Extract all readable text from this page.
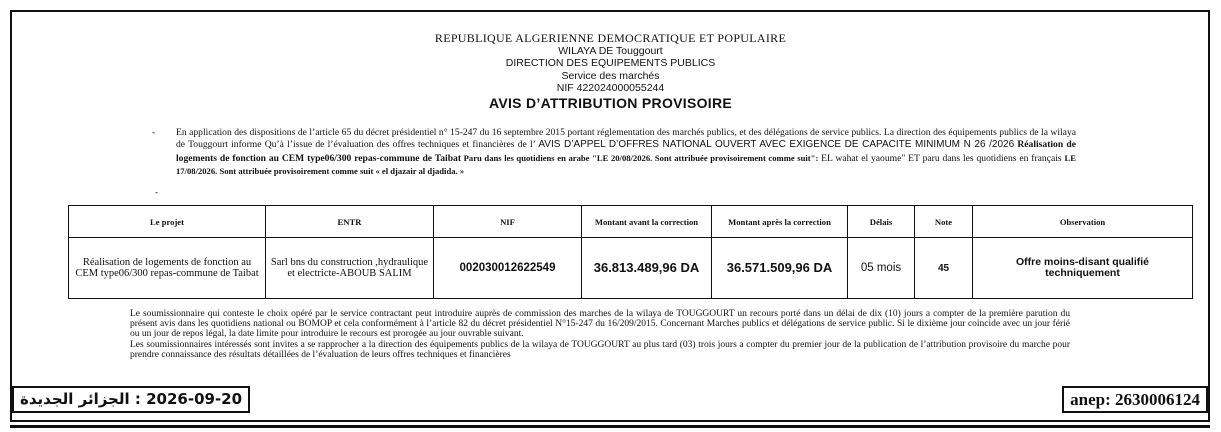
REPUBLIQUE ALGERIENNE DEMOCRATIQUE ET POPULAIRE
WILAYA DE Touggourt
DIRECTION DES EQUIPEMENTS PUBLICS
Service des marchés
NIF 422024000055244
AVIS D’ATTRIBUTION PROVISOIRE
- En application des dispositions de l’article 65 du décret présidentiel n° 15-247 du 16 septembre 2015 portant réglementation des marchés publics, et des délégations de service publics. La direction des équipements publics de la wilaya de Touggourt informe Qu’à l’issue de l’évaluation des offres techniques et financières de l’ AVIS D’APPEL D’OFFRES NATIONAL OUVERT AVEC EXIGENCE DE CAPACITE MINIMUM N 26 /2026 Réalisation de logements de fonction au CEM type06/300 repas-commune de Taibat Paru dans les quotidiens en arabe "LE 20/08/2026. Sont attribuée provisoirement comme suit": EL wahat el yaoume" ET paru dans les quotidiens en français LE 17/08/2026. Sont attribuée provisoirement comme suit « el djazair al djadida. »
-
Le projet	ENTR	NIF	Montant avant la correction	Montant après la correction	Délais	Note	Observation
Réalisation de logements de fonction au CEM type06/300 repas-commune de Taibat	Sarl bns du construction ,hydraulique et electricte-ABOUB SALIM	002030012622549	36.813.489,96 DA	36.571.509,96 DA	05 mois	45	Offre moins-disant qualifié techniquement
Le soumissionnaire qui conteste le choix opéré par le service contractant peut introduire auprès de commission des marches de la wilaya de TOUGGOURT un recours porté dans un délai de dix (10) jours a compter de la première parution du présent avis dans les quotidiens national ou BOMOP et cela conformément à l’article 82 du décret présidentiel N°15-247 du 16/209/2015. Concernant Marches publics et délégations de service public. Si le dixième jour coincide avec un jour férié ou un jour de repos légal, la date limite pour introduire le recours est prorogée au jour ouvrable suivant.
Les soumissionnaires intéressés sont invites a se rapprocher a la direction des équipements publics de la wilaya de TOUGGOURT au plus tard (03) trois jours a compter du premier jour de la publication de l’attribution provisoire du marche pour prendre connaissance des résultats détaillées de l’évaluation de leurs offres techniques et financières
الجزائر الجديدة : 2026-09-20	anep: 2630006124
